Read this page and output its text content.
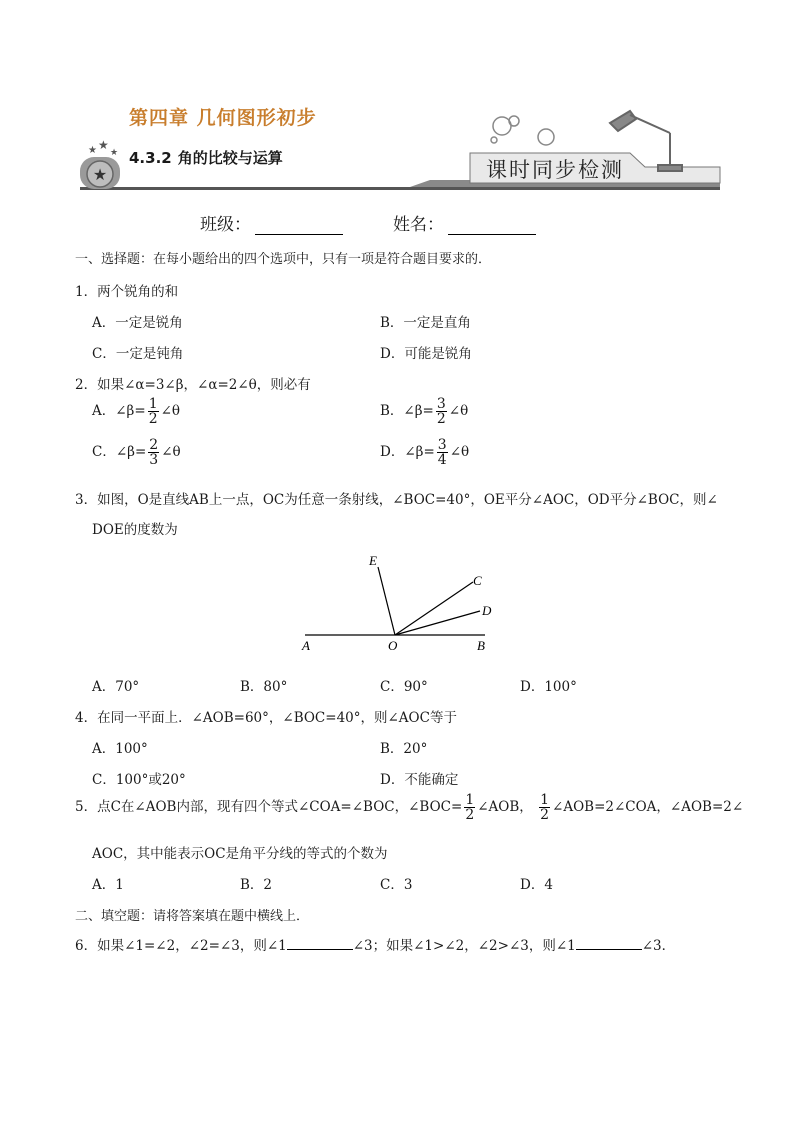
★
★ ★
★
第四章 几何图形初步
4.3.2 角的比较与运算	课时同步检测
班级：	姓名：
一、选择题：在每小题给出的四个选项中，只有一项是符合题目要求的．
1．两个锐角的和
A．一定是锐角	B．一定是直角
C．一定是钝角	D．可能是锐角
2．如果∠α=3∠β，∠α=2∠θ，则必有
A．∠β= $\frac{1}{2}$ ∠θ	B．∠β= $\frac{3}{2}$ ∠θ
C．∠β= $\frac{2}{3}$ ∠θ	D．∠β= $\frac{3}{4}$ ∠θ
3．如图，O是直线AB上一点，OC为任意一条射线，∠BOC=40°，OE平分∠AOC，OD平分∠BOC，则∠
DOE的度数为
E
C
D
A	O	B
A．70°	B．80°	C．90°	D．100°
4．在同一平面上．∠AOB=60°，∠BOC=40°，则∠AOC等于
A．100°	B．20°
C．100°或20°	D．不能确定
5．点C在∠AOB内部，现有四个等式∠COA=∠BOC，∠BOC= $\frac{1}{2}$ ∠AOB， $\frac{1}{2}$ ∠AOB=2∠COA，∠AOB=2∠
AOC，其中能表示OC是角平分线的等式的个数为
A．1	B．2	C．3	D．4
二、填空题：请将答案填在题中横线上．
6．如果∠1=∠2，∠2=∠3，则∠1	∠3；如果∠1>∠2，∠2>∠3，则∠1	∠3．
